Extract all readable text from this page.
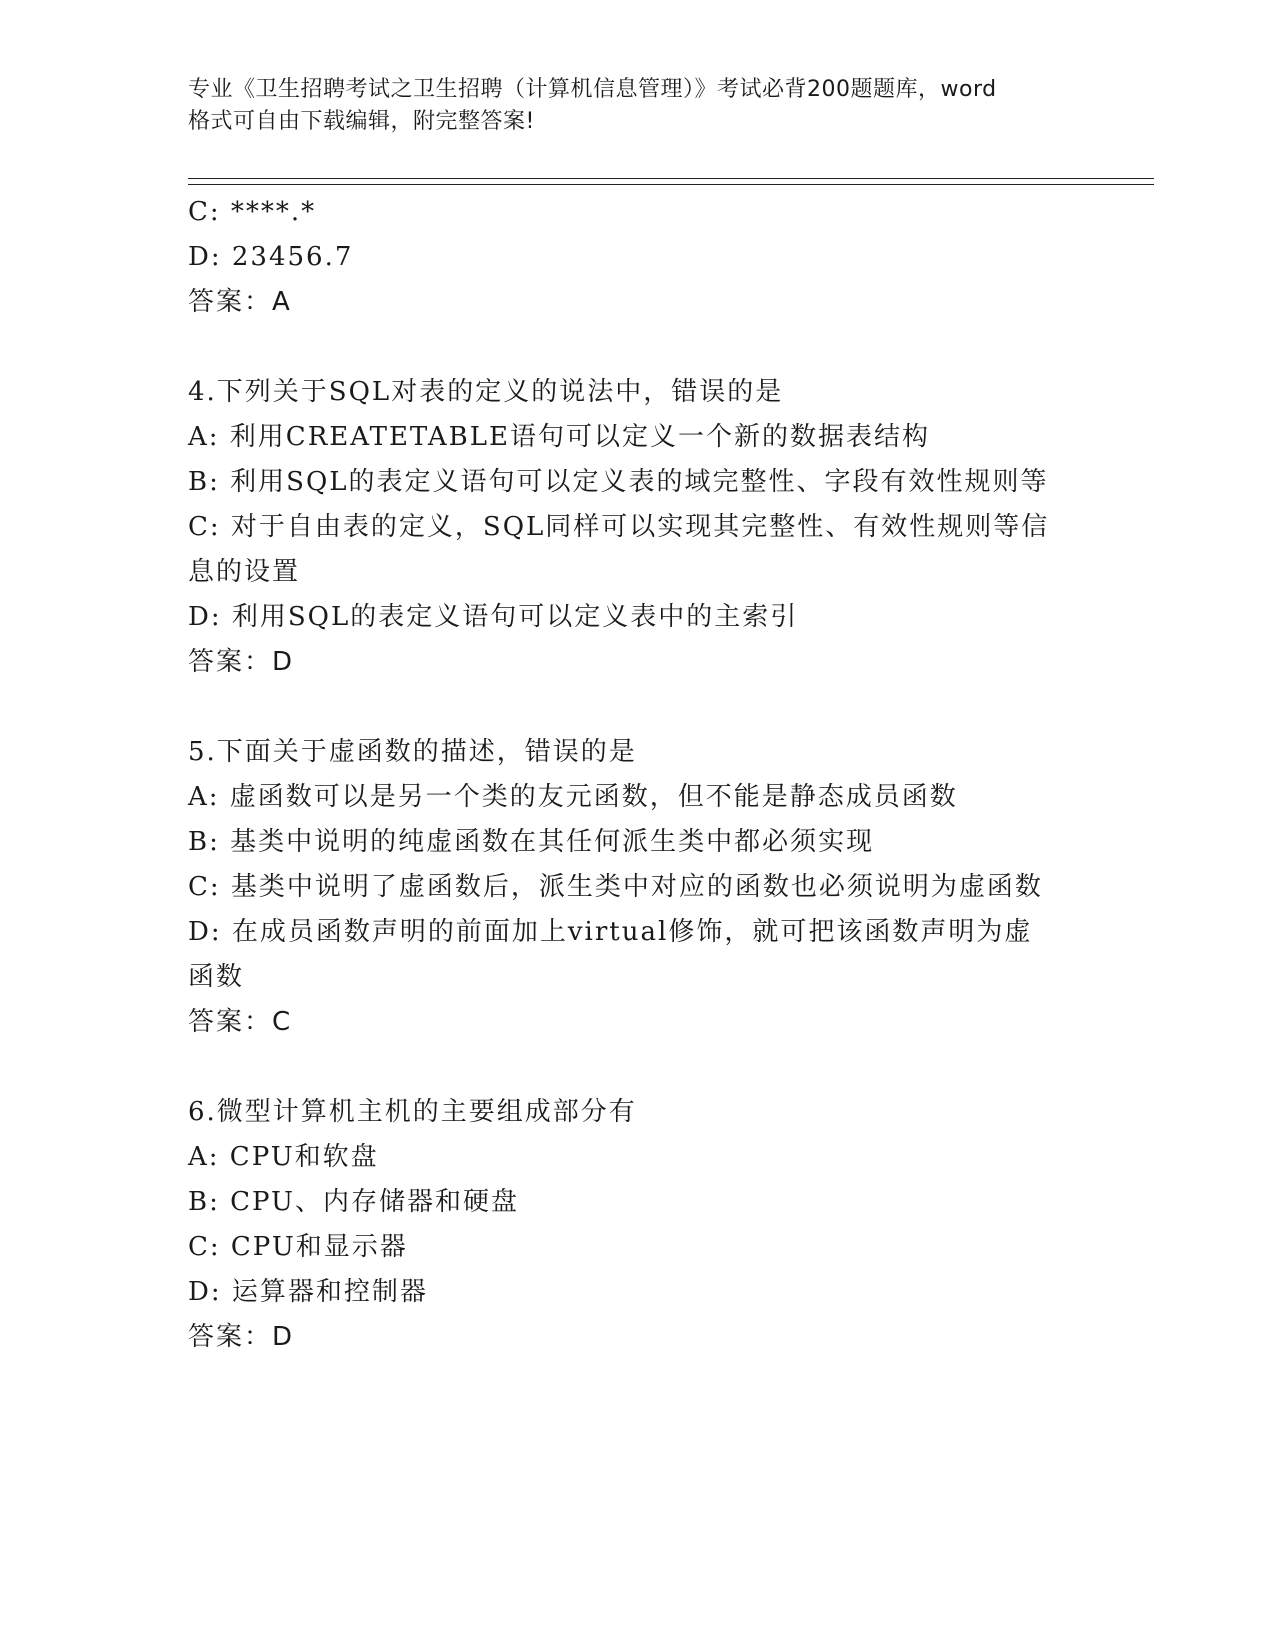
专业《卫生招聘考试之卫生招聘（计算机信息管理）》考试必背200题题库，word
格式可自由下载编辑，附完整答案!
C: ****.*
D: 23456.7
答案：A
4.下列关于SQL对表的定义的说法中，错误的是
A: 利用CREATETABLE语句可以定义一个新的数据表结构
B: 利用SQL的表定义语句可以定义表的域完整性、字段有效性规则等
C: 对于自由表的定义，SQL同样可以实现其完整性、有效性规则等信
息的设置
D: 利用SQL的表定义语句可以定义表中的主索引
答案：D
5.下面关于虚函数的描述，错误的是
A: 虚函数可以是另一个类的友元函数，但不能是静态成员函数
B: 基类中说明的纯虚函数在其任何派生类中都必须实现
C: 基类中说明了虚函数后，派生类中对应的函数也必须说明为虚函数
D: 在成员函数声明的前面加上virtual修饰，就可把该函数声明为虚
函数
答案：C
6.微型计算机主机的主要组成部分有
A: CPU和软盘
B: CPU、内存储器和硬盘
C: CPU和显示器
D: 运算器和控制器
答案：D
